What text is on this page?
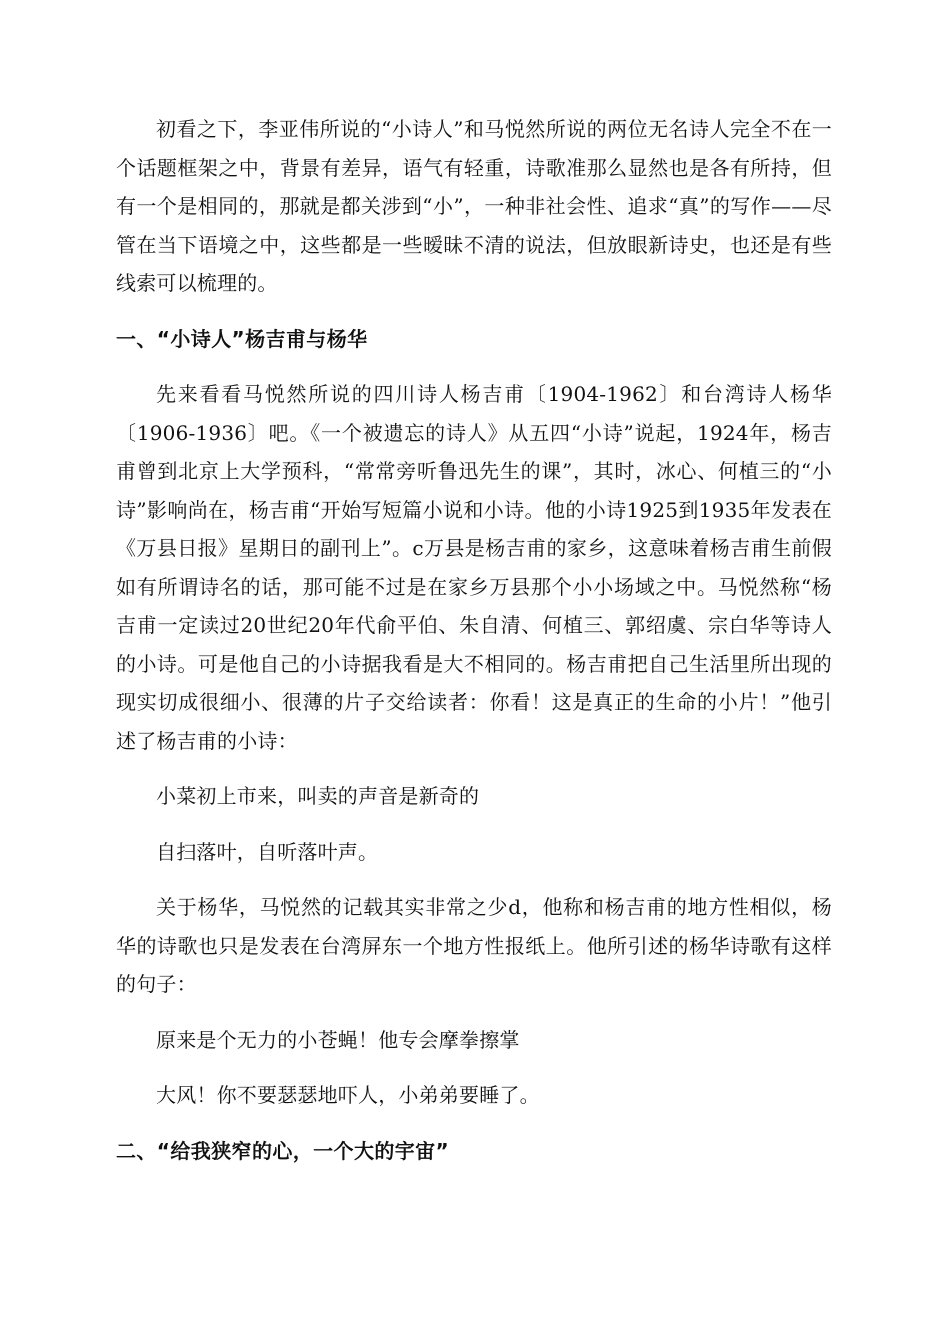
初看之下，李亚伟所说的“小诗人”和马悦然所说的两位无名诗人完全不在一个话题框架之中，背景有差异，语气有轻重，诗歌准那么显然也是各有所持，但有一个是相同的，那就是都关涉到“小”，一种非社会性、追求“真”的写作——尽管在当下语境之中，这些都是一些暧昧不清的说法，但放眼新诗史，也还是有些线索可以梳理的。

一、“小诗人”杨吉甫与杨华

先来看看马悦然所说的四川诗人杨吉甫〔1904-1962〕和台湾诗人杨华〔1906-1936〕吧。《一个被遗忘的诗人》从五四“小诗”说起，1924年，杨吉甫曾到北京上大学预科，“常常旁听鲁迅先生的课”，其时，冰心、何植三的“小诗”影响尚在，杨吉甫“开始写短篇小说和小诗。他的小诗1925到1935年发表在《万县日报》星期日的副刊上”。c万县是杨吉甫的家乡，这意味着杨吉甫生前假如有所谓诗名的话，那可能不过是在家乡万县那个小小场域之中。马悦然称“杨吉甫一定读过20世纪20年代俞平伯、朱自清、何植三、郭绍虞、宗白华等诗人的小诗。可是他自己的小诗据我看是大不相同的。杨吉甫把自己生活里所出现的现实切成很细小、很薄的片子交给读者：你看！这是真正的生命的小片！”他引述了杨吉甫的小诗：

小菜初上市来，叫卖的声音是新奇的
自扫落叶，自听落叶声。

关于杨华，马悦然的记载其实非常之少d，他称和杨吉甫的地方性相似，杨华的诗歌也只是发表在台湾屏东一个地方性报纸上。他所引述的杨华诗歌有这样的句子：

原来是个无力的小苍蝇！他专会摩拳擦掌
大风！你不要瑟瑟地吓人，小弟弟要睡了。
二、“给我狭窄的心，一个大的宇宙”
